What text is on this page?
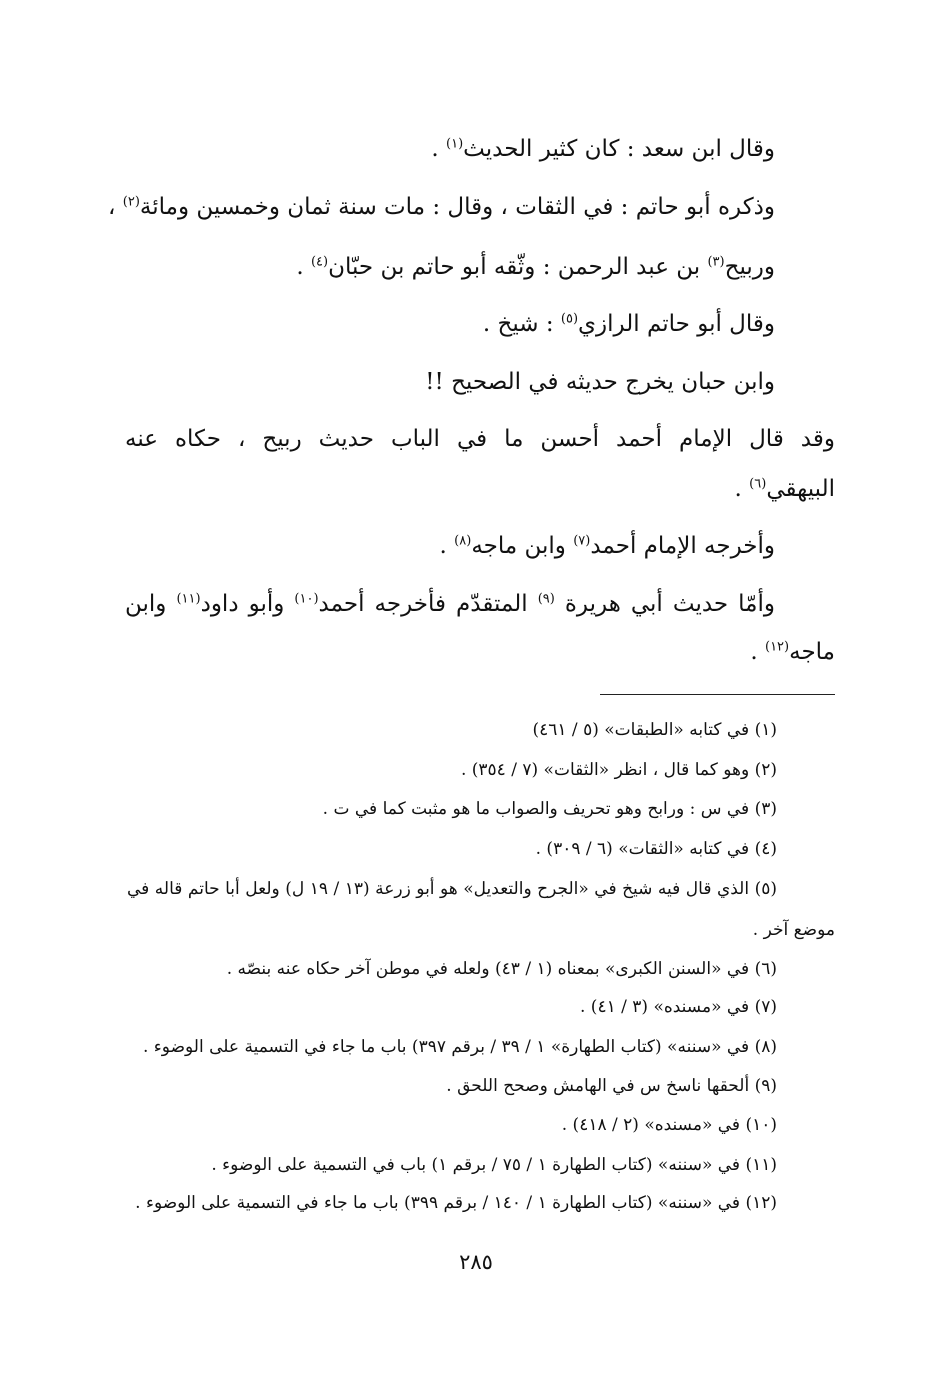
وقال ابن سعد : كان كثير الحديث$^{(١)}$ .
وذكره أبو حاتم : في الثقات ، وقال : مات سنة ثمان وخمسين ومائة$^{(٢)}$ ،
وربيح$^{(٣)}$ بن عبد الرحمن : وثّقه أبو حاتم بن حبّان$^{(٤)}$ .
وقال أبو حاتم الرازي$^{(٥)}$ : شيخ .
وابن حبان يخرج حديثه في الصحيح !!
وقد قال الإمام أحمد أحسن ما في الباب حديث ربيح ، حكاه عنه
البيهقي$^{(٦)}$ .
وأخرجه الإمام أحمد$^{(٧)}$ وابن ماجه$^{(٨)}$ .
وأمّا حديث أبي هريرة $^{(٩)}$ المتقدّم فأخرجه أحمد$^{(١٠)}$ وأبو داود$^{(١١)}$ وابن
ماجه$^{(١٢)}$ .
(١) في كتابه «الطبقات» (٥ / ٤٦١)
(٢) وهو كما قال ، انظر «الثقات» (٧ / ٣٥٤) .
(٣) في س : ورابح وهو تحريف والصواب ما هو مثبت كما في ت .
(٤) في كتابه «الثقات» (٦ / ٣٠٩) .
(٥) الذي قال فيه شيخ في «الجرح والتعديل» هو أبو زرعة (١٣ / ١٩ ل) ولعل أبا حاتم قاله في
موضع آخر .
(٦) في «السنن الكبرى» بمعناه (١ / ٤٣) ولعله في موطن آخر حكاه عنه بنصّه .
(٧) في «مسنده» (٣ / ٤١) .
(٨) في «سننه» (كتاب الطهارة» ١ / ٣٩ / برقم ٣٩٧) باب ما جاء في التسمية على الوضوء .
(٩) ألحقها ناسخ س في الهامش وصحح اللحق .
(١٠) في «مسنده» (٢ / ٤١٨) .
(١١) في «سننه» (كتاب الطهارة ١ / ٧٥ / برقم ١) باب في التسمية على الوضوء .
(١٢) في «سننه» (كتاب الطهارة ١ / ١٤٠ / برقم ٣٩٩) باب ما جاء في التسمية على الوضوء .
٢٨٥
